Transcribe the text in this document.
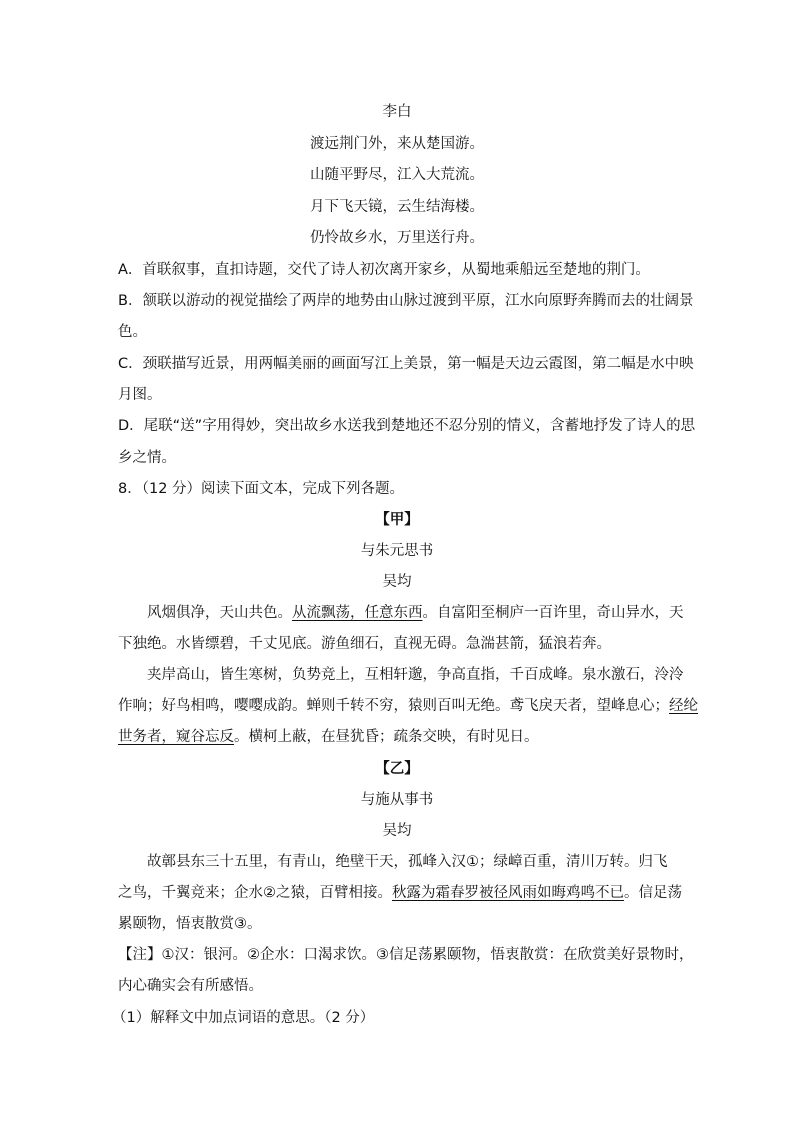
李白
渡远荆门外，来从楚国游。
山随平野尽，江入大荒流。
月下飞天镜，云生结海楼。
仍怜故乡水，万里送行舟。
A．首联叙事，直扣诗题，交代了诗人初次离开家乡，从蜀地乘船远至楚地的荆门。
B．颔联以游动的视觉描绘了两岸的地势由山脉过渡到平原，江水向原野奔腾而去的壮阔景
色。
C．颈联描写近景，用两幅美丽的画面写江上美景，第一幅是天边云霞图，第二幅是水中映
月图。
D．尾联“送”字用得妙，突出故乡水送我到楚地还不忍分别的情义，含蓄地抒发了诗人的思
乡之情。
8．（12 分）阅读下面文本，完成下列各题。
【甲】
与朱元思书
吴均
风烟俱净，天山共色。从流飘荡，任意东西。自富阳至桐庐一百许里，奇山异水，天
下独绝。水皆缥碧，千丈见底。游鱼细石，直视无碍。急湍甚箭，猛浪若奔。
夹岸高山，皆生寒树，负势竞上，互相轩邈，争高直指，千百成峰。泉水激石，泠泠
作响；好鸟相鸣，嘤嘤成韵。蝉则千转不穷，猿则百叫无绝。鸢飞戾天者，望峰息心；经纶
世务者，窥谷忘反。横柯上蔽，在昼犹昏；疏条交映，有时见日。
【乙】
与施从事书
吴均
故鄣县东三十五里，有青山，绝壁干天，孤峰入汉①；绿嶂百重，清川万转。归飞
之鸟，千翼竞来；企水②之猿，百臂相接。秋露为霜春罗被径风雨如晦鸡鸣不已。信足荡
累颐物，悟衷散赏③。
【注】①汉：银河。②企水：口渴求饮。③信足荡累颐物，悟衷散赏：在欣赏美好景物时，
内心确实会有所感悟。
（1）解释文中加点词语的意思。（2 分）
